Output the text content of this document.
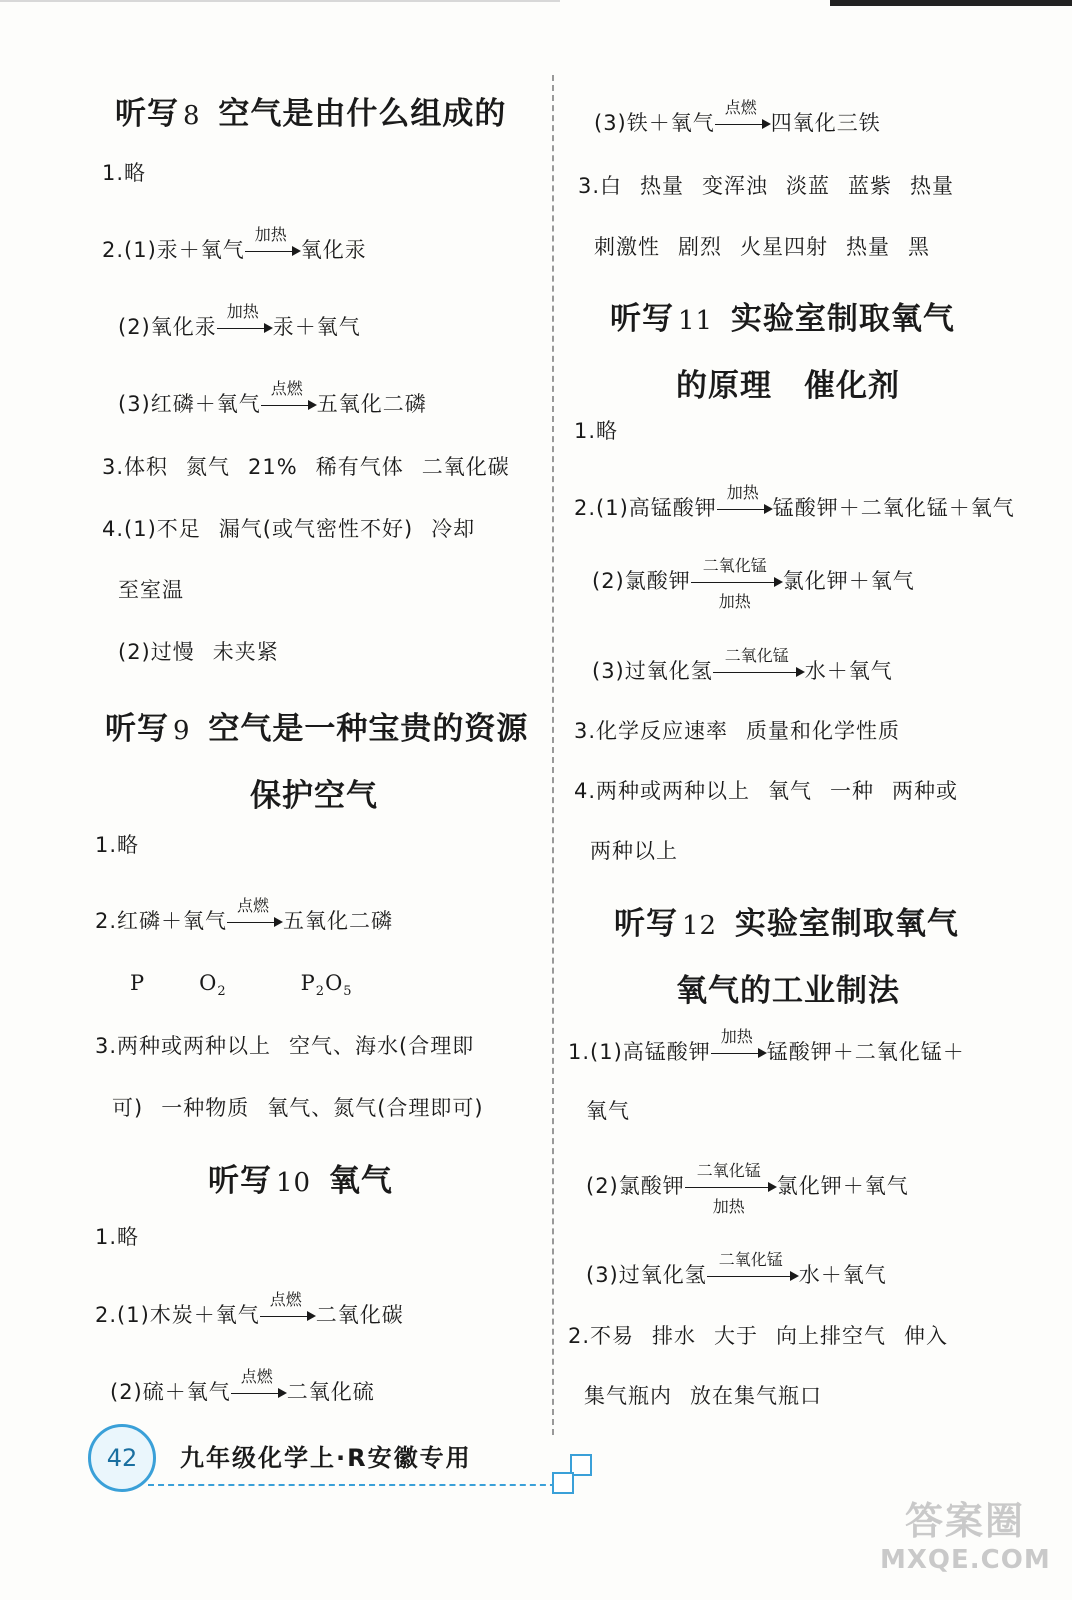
听写 8 空气是由什么组成的
1.略
2.(1)汞＋氧气
加热
氧化汞
(2)氧化汞
加热
汞＋氧气
(3)红磷＋氧气
点燃
五氧化二磷
3.体积 氮气 21% 稀有气体 二氧化碳
4.(1)不足 漏气(或气密性不好) 冷却
至室温
(2)过慢 未夹紧
听写 9 空气是一种宝贵的资源
保护空气
1.略
2.红磷＋氧气
点燃
五氧化二磷
P	$O_2$	$P_2O_5$
3.两种或两种以上 空气、海水(合理即
可) 一种物质 氧气、氮气(合理即可)
听写 10 氧气
1.略
2.(1)木炭＋氧气
点燃
二氧化碳
(2)硫＋氧气
点燃
二氧化硫
(3)铁＋氧气
点燃
四氧化三铁
3.白 热量 变浑浊 淡蓝 蓝紫 热量
刺激性 剧烈 火星四射 热量 黑
听写 11 实验室制取氧气
的原理　催化剂
1.略
2.(1)高锰酸钾
加热
锰酸钾＋二氧化锰＋氧气
(2)氯酸钾
二氧化锰
加热
氯化钾＋氧气
(3)过氧化氢
二氧化锰
水＋氧气
3.化学反应速率 质量和化学性质
4.两种或两种以上 氧气 一种 两种或
两种以上
听写 12 实验室制取氧气
氧气的工业制法
1.(1)高锰酸钾
加热
锰酸钾＋二氧化锰＋
氧气
(2)氯酸钾
二氧化锰
加热
氯化钾＋氧气
(3)过氧化氢
二氧化锰
水＋氧气
2.不易 排水 大于 向上排空气 伸入
集气瓶内 放在集气瓶口
42	九年级化学上·R安徽专用
答案圈
MXQE.COM
